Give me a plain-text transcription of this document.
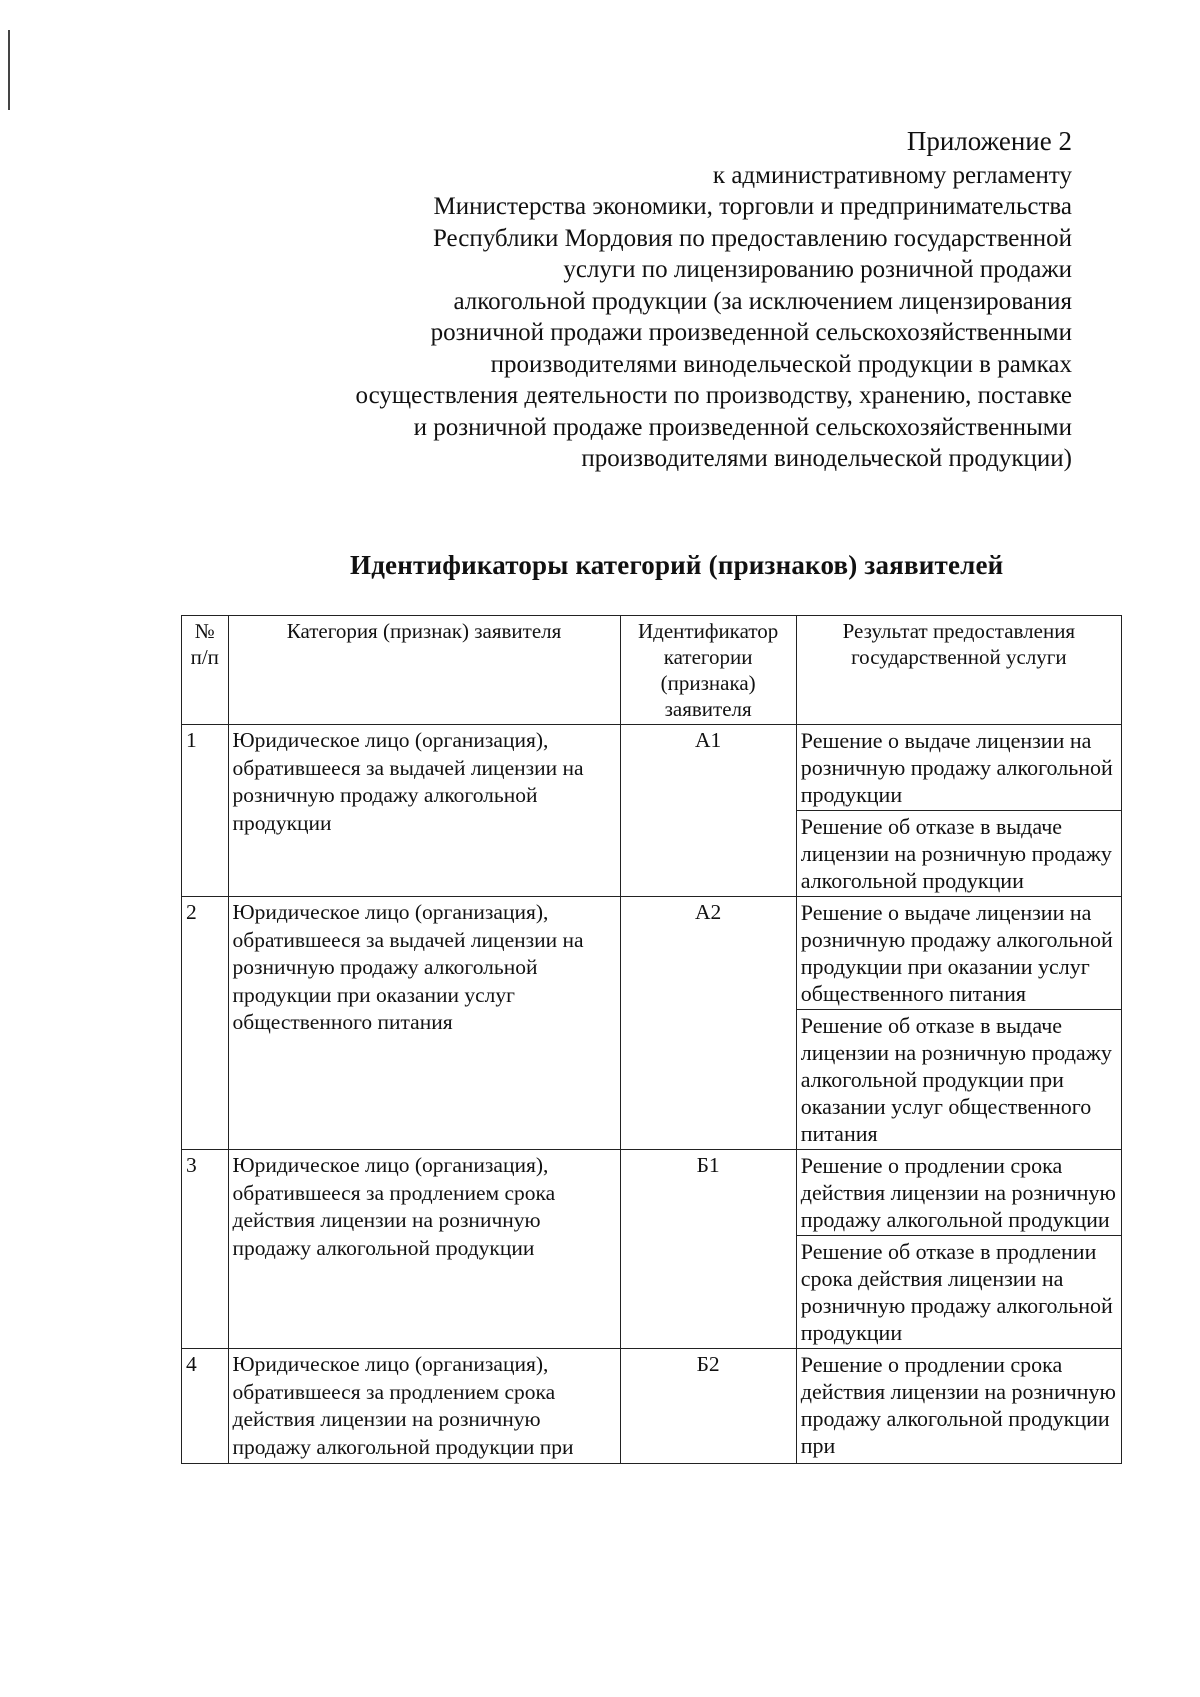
Приложение 2
к административному регламенту
Министерства экономики, торговли и предпринимательства
Республики Мордовия по предоставлению государственной
услуги по лицензированию розничной продажи
алкогольной продукции (за исключением лицензирования
розничной продажи произведенной сельскохозяйственными
производителями винодельческой продукции в рамках
осуществления деятельности по производству, хранению, поставке
и розничной продаже произведенной сельскохозяйственными
производителями винодельческой продукции)
Идентификаторы категорий (признаков) заявителей
№ п/п	Категория (признак) заявителя	Идентификатор категории (признака) заявителя	Результат предоставления государственной услуги
1	Юридическое лицо (организация), обратившееся за выдачей лицензии на розничную продажу алкогольной продукции	А1	Решение о выдаче лицензии на розничную продажу алкогольной продукции
			Решение об отказе в выдаче лицензии на розничную продажу алкогольной продукции
2	Юридическое лицо (организация), обратившееся за выдачей лицензии на розничную продажу алкогольной продукции при оказании услуг общественного питания	А2	Решение о выдаче лицензии на розничную продажу алкогольной продукции при оказании услуг общественного питания
			Решение об отказе в выдаче лицензии на розничную продажу алкогольной продукции при оказании услуг общественного питания
3	Юридическое лицо (организация), обратившееся за продлением срока действия лицензии на розничную продажу алкогольной продукции	Б1	Решение о продлении срока действия лицензии на розничную продажу алкогольной продукции
			Решение об отказе в продлении срока действия лицензии на розничную продажу алкогольной продукции
4	Юридическое лицо (организация), обратившееся за продлением срока действия лицензии на розничную продажу алкогольной продукции при	Б2	Решение о продлении срока действия лицензии на розничную продажу алкогольной продукции при
